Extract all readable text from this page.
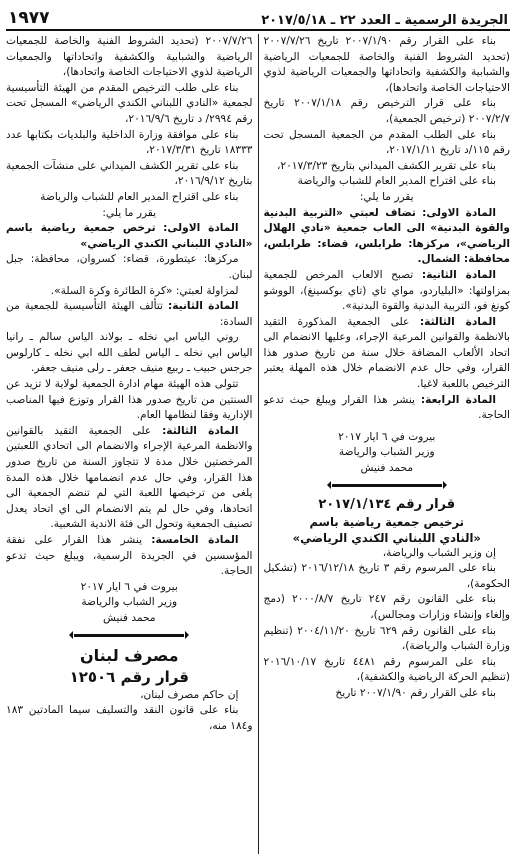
الجريدة الرسمية ـ العدد ٢٢ ـ ٢٠١٧/٥/١٨
١٩٧٧

بناء على القرار رقم ٢٠٠٧/١/٩٠ تاريخ ٢٠٠٧/٧/٢٦ (تحديد الشروط الفنية والخاصة للجمعيات الرياضية والشبابية والكشفية واتحاداتها والجمعيات الرياضية لذوي الاحتياجات الخاصة واتحادها)،

بناء على قرار الترخيص رقم ٢٠٠٧/١/١٨ تاريخ ٢٠٠٧/٢/٧ (ترخيص الجمعية)،

بناء على الطلب المقدم من الجمعية المسجل تحت رقم ١١٥/د تاريخ ٢٠١٧/١/١١،

بناء على تقرير الكشف الميداني بتاريخ ٢٠١٧/٣/٢٣،

بناء على اقتراح المدير العام للشباب والرياضة

يقرر ما يلي:

المادة الاولى: تضاف لعبتي «التربية البدنية والقوة البدنية» الى العاب جمعية «نادي الهلال الرياضي»، مركزها: طرابلس، قضاء: طرابلس، محافظة: الشمال.

المادة الثانية: تصبح الالعاب المرخص للجمعية بمزاولتها: «البلياردو، مواي تاي (تاي بوكسينغ)، الووشو كونغ فو، التربية البدنية والقوة البدنية».

المادة الثالثة: على الجمعية المذكورة التقيد بالانظمة والقوانين المرعية الإجراء، وعليها الانضمام الى اتحاد الألعاب المضافة خلال سنة من تاريخ صدور هذا القرار، وفي حال عدم الانضمام خلال هذه المهلة يعتبر الترخيص باللعبة لاغيا.

المادة الرابعة: ينشر هذا القرار ويبلغ حيث تدعو الحاجة.

بيروت في ٦ ايار ٢٠١٧

وزير الشباب والرياضة

محمد فنيش

قرار رقم ٢٠١٧/١/١٣٤

ترخيص جمعية رياضية باسم

«النادي اللبناني الكندي الرياضي»

إن وزير الشباب والرياضة،

بناء على المرسوم رقم ٣ تاريخ ٢٠١٦/١٢/١٨ (تشكيل الحكومة)،

بناء على القانون رقم ٢٤٧ تاريخ ٢٠٠٠/٨/٧ (دمج وإلغاء وإنشاء وزارات ومجالس)،

بناء على القانون رقم ٦٢٩ تاريخ ٢٠٠٤/١١/٢٠ (تنظيم وزارة الشباب والرياضة)،

بناء على المرسوم رقم ٤٤٨١ تاريخ ٢٠١٦/١٠/١٧ (تنظيم الحركة الرياضية والكشفية)،

بناء على القرار رقم ٢٠٠٧/١/٩٠ تاريخ

٢٠٠٧/٧/٢٦ (تحديد الشروط الفنية والخاصة للجمعيات الرياضية والشبابية والكشفية واتحاداتها والجمعيات الرياضية لذوي الاحتياجات الخاصة واتحادها)،

بناء على طلب الترخيص المقدم من الهيئة التأسيسية لجمعية «النادي اللبناني الكندي الرياضي» المسجل تحت رقم ٢٩٩٤/ د تاريخ ٢٠١٦/٩/٦،

بناء على موافقة وزارة الداخلية والبلديات بكتابها عدد ١٨٣٣٣ تاريخ ٢٠١٧/٣/٣١،

بناء على تقرير الكشف الميداني على منشآت الجمعية بتاريخ ٢٠١٦/٩/١٢،

بناء على اقتراح المدير العام للشباب والرياضة

يقرر ما يلي:

المادة الاولى: ترخص جمعية رياضية باسم «النادي اللبناني الكندي الرياضي»

مركزها: عيتطورة، قضاء: كسروان، محافظة: جبل لبنان.

لمزاولة لعبتي: «كرة الطائرة وكرة السلة».

المادة الثانية: تتألف الهيئة التأسيسية للجمعية من السادة:

روني الياس ابي نخله ـ بولاند الياس سالم ـ رانيا الياس ابي نخله ـ الياس لطف الله ابي نخله ـ كارلوس جرجس حبيب ـ ربيع منيف جعفر ـ رلى منيف جعفر.

تتولى هذه الهيئة مهام ادارة الجمعية لولاية لا تزيد عن السنتين من تاريخ صدور هذا القرار وتوزع فيها المناصب الإدارية وفقا لنظامها العام.

المادة الثالثة: على الجمعية التقيد بالقوانين والانظمة المرعية الإجراء والانضمام الى اتحادي اللعبتين المرخصتين خلال مدة لا تتجاوز السنة من تاريخ صدور هذا القرار، وفي حال عدم انضمامها خلال هذه المدة يلغى من ترخيصها اللعبة التي لم تنضم الجمعية الى اتحادها، وفي حال لم يتم الانضمام الى اي اتحاد يعدل تصنيف الجمعية وتحول الى فئة الاندية الشعبية.

المادة الخامسة: ينشر هذا القرار على نفقة المؤسسين في الجريدة الرسمية، ويبلغ حيث تدعو الحاجة.

بيروت في ٦ ايار ٢٠١٧

وزير الشباب والرياضة

محمد فنيش

مصرف لبنان

قرار رقم ١٢٥٠٦

إن حاكم مصرف لبنان،

بناء على قانون النقد والتسليف سيما المادتين ١٨٣ و١٨٤ منه،
